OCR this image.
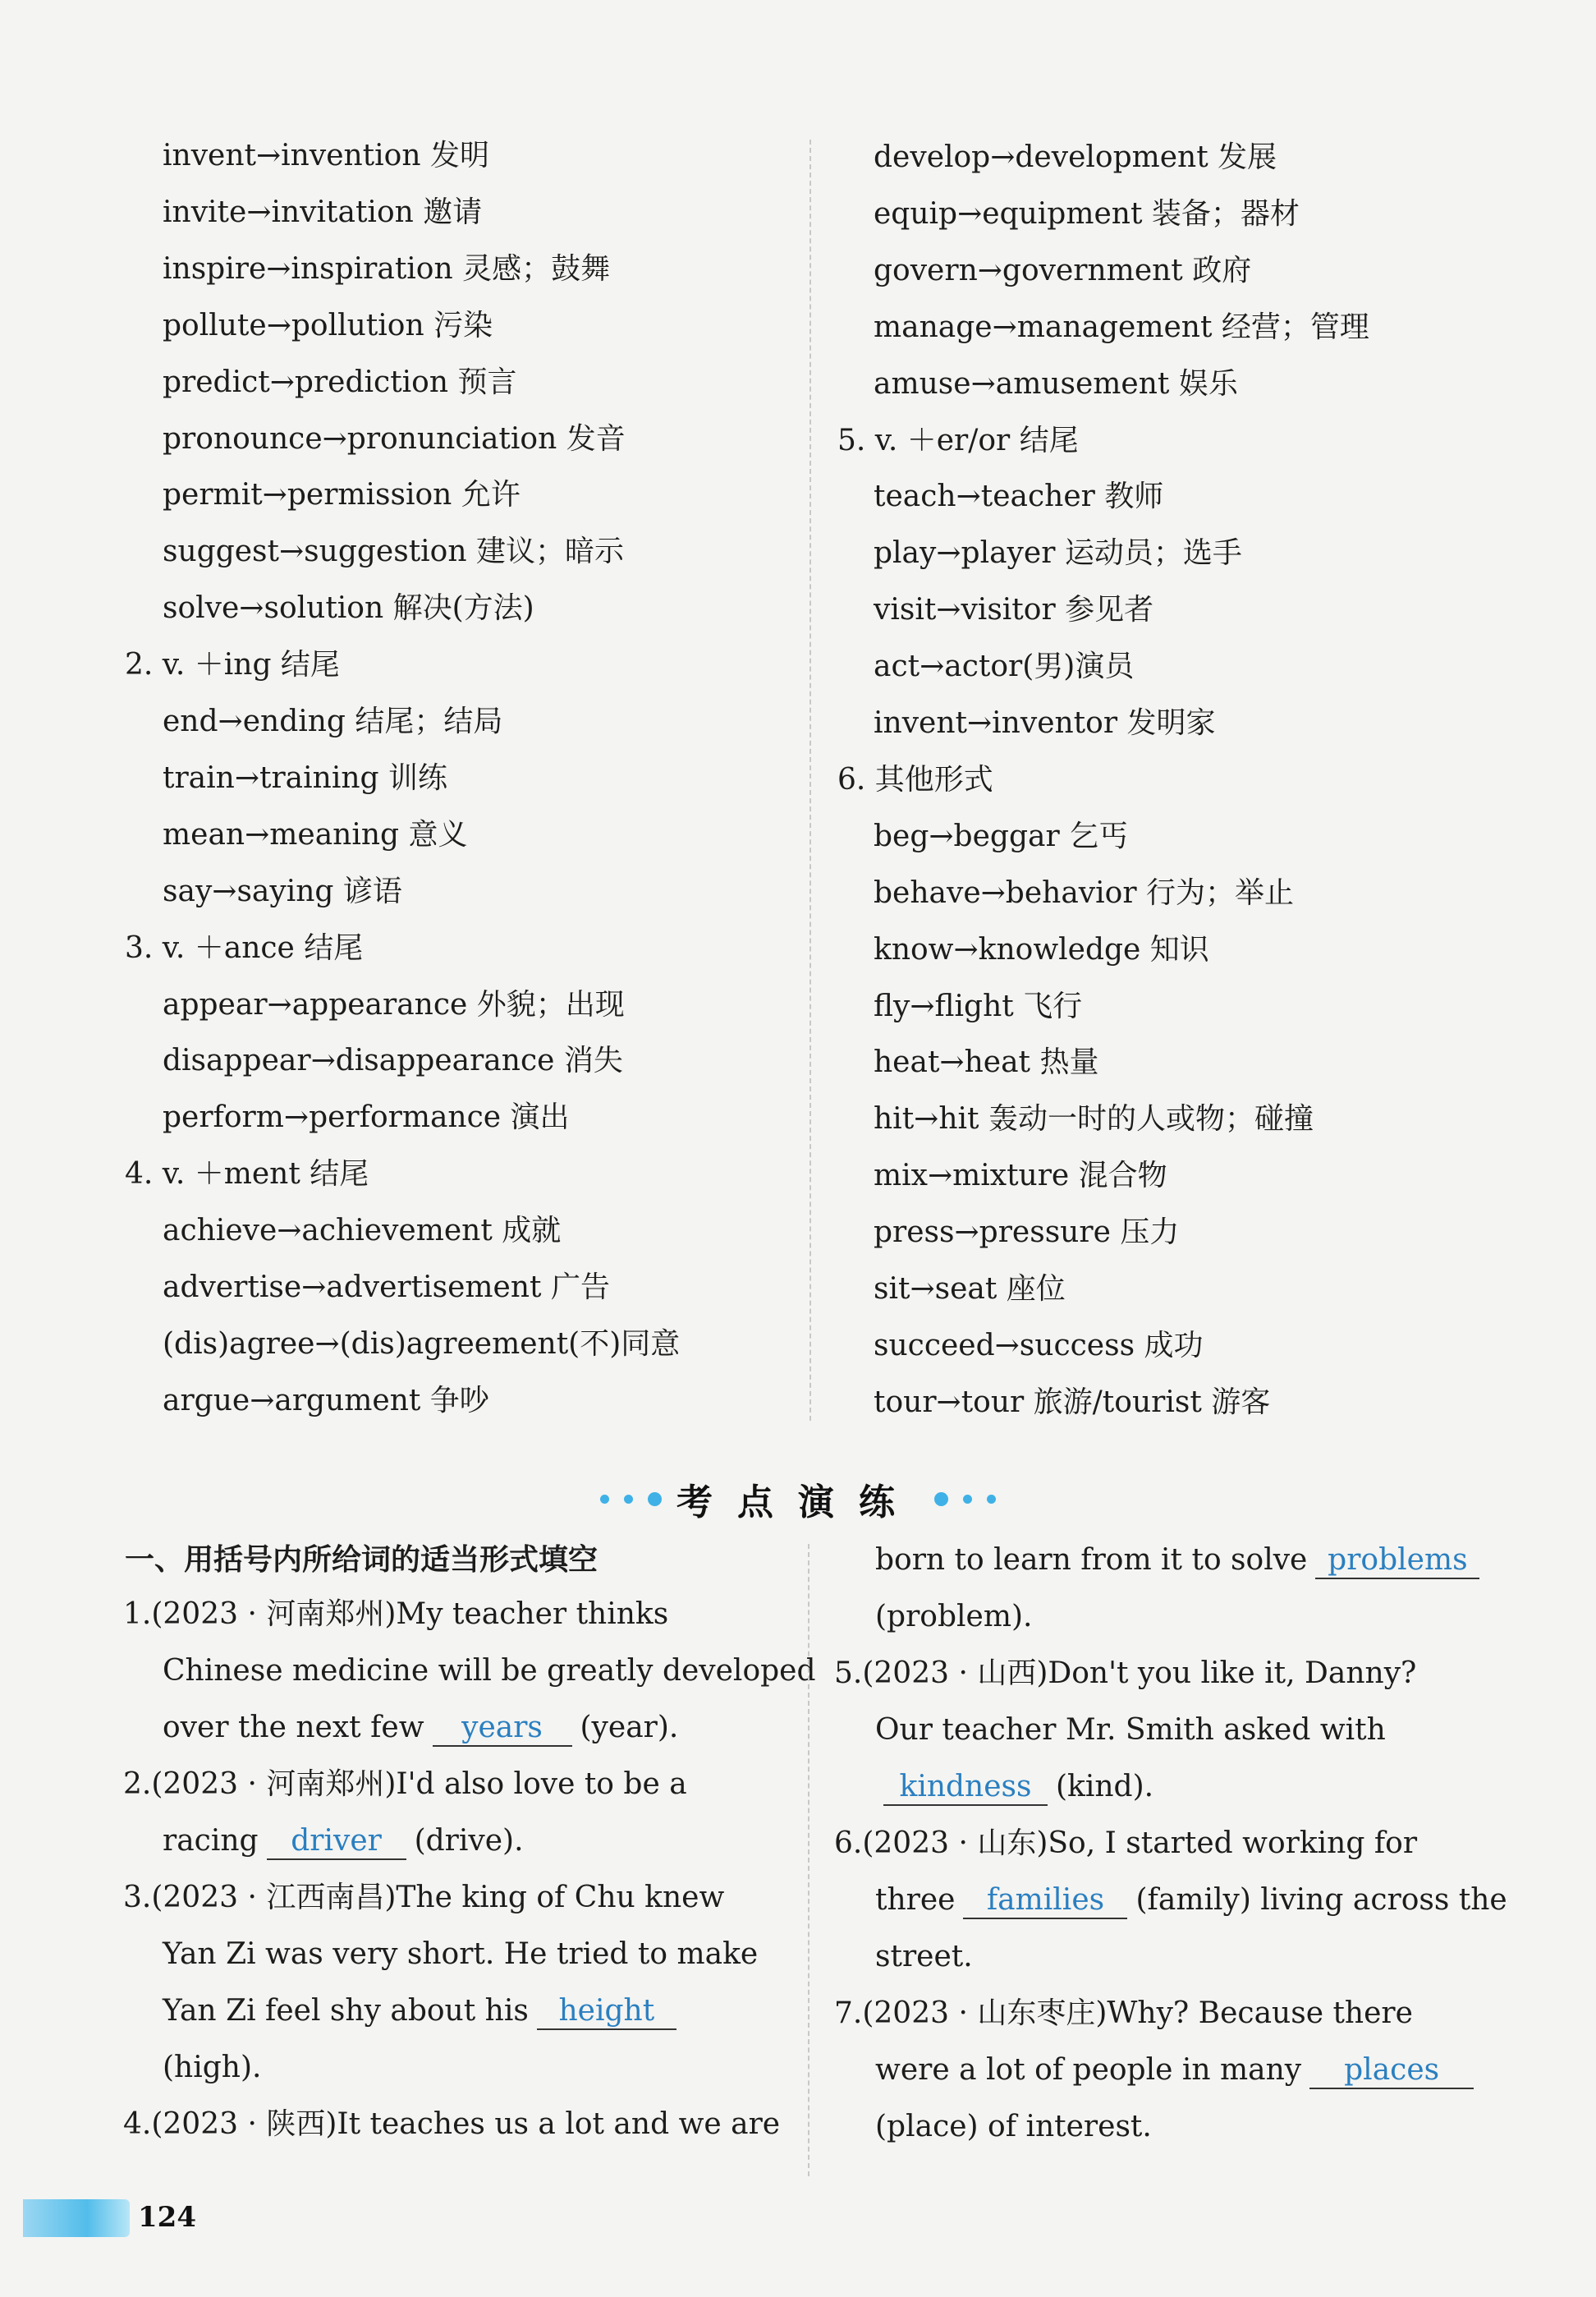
invent→invention 发明
invite→invitation 邀请
inspire→inspiration 灵感；鼓舞
pollute→pollution 污染
predict→prediction 预言
pronounce→pronunciation 发音
permit→permission 允许
suggest→suggestion 建议；暗示
solve→solution 解决(方法)
2. v. ＋ing 结尾
end→ending 结尾；结局
train→training 训练
mean→meaning 意义
say→saying 谚语
3. v. ＋ance 结尾
appear→appearance 外貌；出现
disappear→disappearance 消失
perform→performance 演出
4. v. ＋ment 结尾
achieve→achievement 成就
advertise→advertisement 广告
(dis)agree→(dis)agreement(不)同意
argue→argument 争吵
develop→development 发展
equip→equipment 装备；器材
govern→government 政府
manage→management 经营；管理
amuse→amusement 娱乐
5. v. ＋er/or 结尾
teach→teacher 教师
play→player 运动员；选手
visit→visitor 参见者
act→actor(男)演员
invent→inventor 发明家
6. 其他形式
beg→beggar 乞丐
behave→behavior 行为；举止
know→knowledge 知识
fly→flight 飞行
heat→heat 热量
hit→hit 轰动一时的人或物；碰撞
mix→mixture 混合物
press→pressure 压力
sit→seat 座位
succeed→success 成功
tour→tour 旅游/tourist 游客
考点演练
一、用括号内所给词的适当形式填空
1.(2023 · 河南郑州)My teacher thinks
Chinese medicine will be greatly developed
over the next few years (year).
2.(2023 · 河南郑州)I'd also love to be a
racing driver (drive).
3.(2023 · 江西南昌)The king of Chu knew
Yan Zi was very short. He tried to make
Yan Zi feel shy about his height
(high).
4.(2023 · 陕西)It teaches us a lot and we are
born to learn from it to solve problems
(problem).
5.(2023 · 山西)Don't you like it, Danny?
Our teacher Mr. Smith asked with
kindness (kind).
6.(2023 · 山东)So, I started working for
three families (family) living across the
street.
7.(2023 · 山东枣庄)Why? Because there
were a lot of people in many places
(place) of interest.
124
